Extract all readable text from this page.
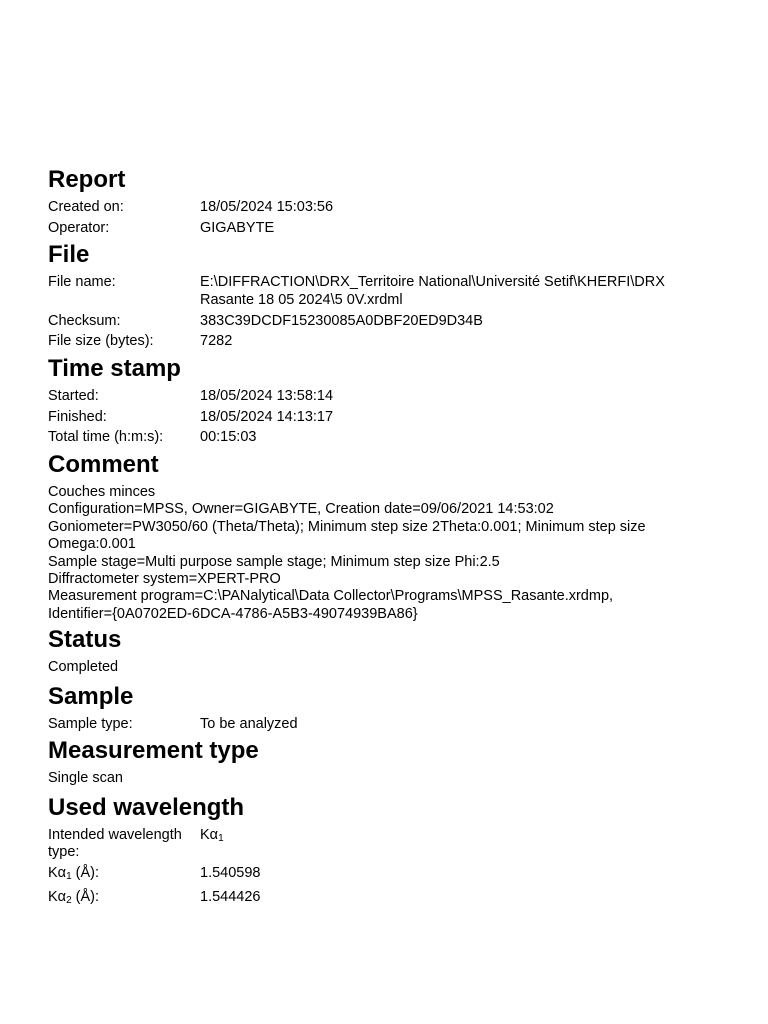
Report
Created on:	18/05/2024 15:03:56
Operator:	GIGABYTE
File
File name:	E:\DIFFRACTION\DRX_Territoire National\Université Setif\KHERFI\DRX
Rasante 18 05 2024\5 0V.xrdml
Checksum:	383C39DCDF15230085A0DBF20ED9D34B
File size (bytes):	7282
Time stamp
Started:	18/05/2024 13:58:14
Finished:	18/05/2024 14:13:17
Total time (h:m:s):	00:15:03
Comment
Couches minces
Configuration=MPSS, Owner=GIGABYTE, Creation date=09/06/2021 14:53:02
Goniometer=PW3050/60 (Theta/Theta); Minimum step size 2Theta:0.001; Minimum step size
Omega:0.001
Sample stage=Multi purpose sample stage; Minimum step size Phi:2.5
Diffractometer system=XPERT-PRO
Measurement program=C:\PANalytical\Data Collector\Programs\MPSS_Rasante.xrdmp,
Identifier={0A0702ED-6DCA-4786-A5B3-49074939BA86}
Status
Completed
Sample
Sample type:	To be analyzed
Measurement type
Single scan
Used wavelength
Intended wavelength
type:
$K\alpha_1$
$K\alpha_1$ (Å):	1.540598
$K\alpha_2$ (Å):	1.544426
